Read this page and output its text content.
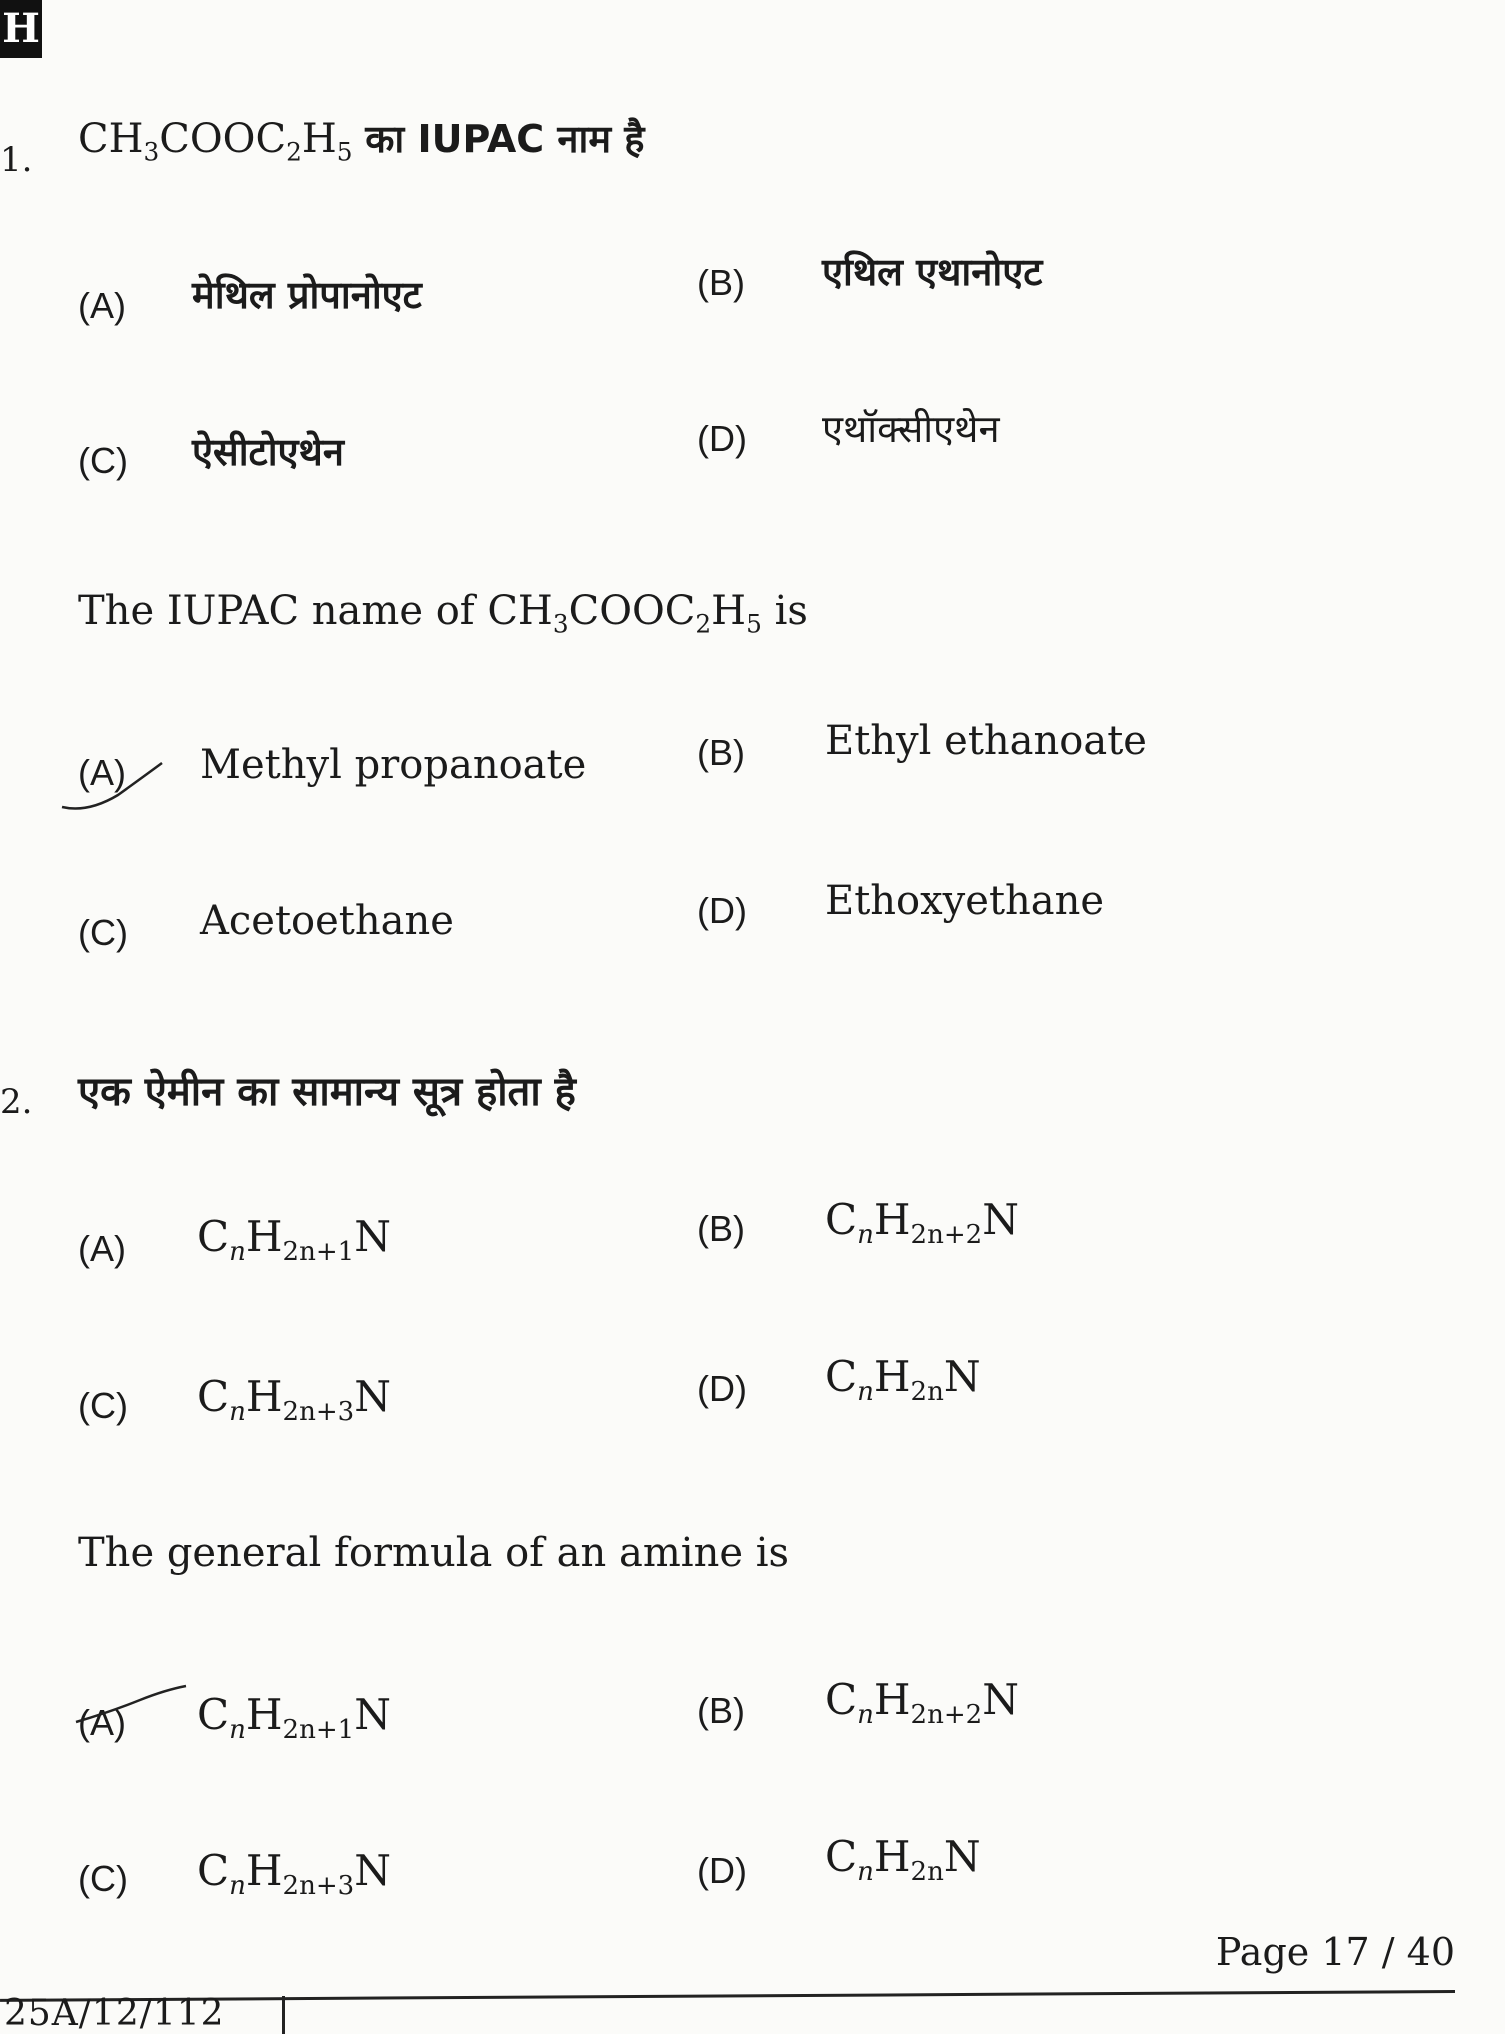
H
1. $CH_3COOC_2H_5$ का IUPAC नाम है
(A) मेथिल प्रोपानोएट	(B) एथिल एथानोएट
(C) ऐसीटोएथेन	(D) एथॉक्सीएथेन
The IUPAC name of $CH_3COOC_2H_5$ is
(A) Methyl propanoate	(B) Ethyl ethanoate
(C) Acetoethane	(D) Ethoxyethane
2. एक ऐमीन का सामान्य सूत्र होता है
(A) $C_nH_{2n+1}N$	(B) $C_nH_{2n+2}N$
(C) $C_nH_{2n+3}N$	(D) $C_nH_{2n}N$
The general formula of an amine is
(A) $C_nH_{2n+1}N$	(B) $C_nH_{2n+2}N$
(C) $C_nH_{2n+3}N$	(D) $C_nH_{2n}N$
Page 17 / 40
25A/12/112
